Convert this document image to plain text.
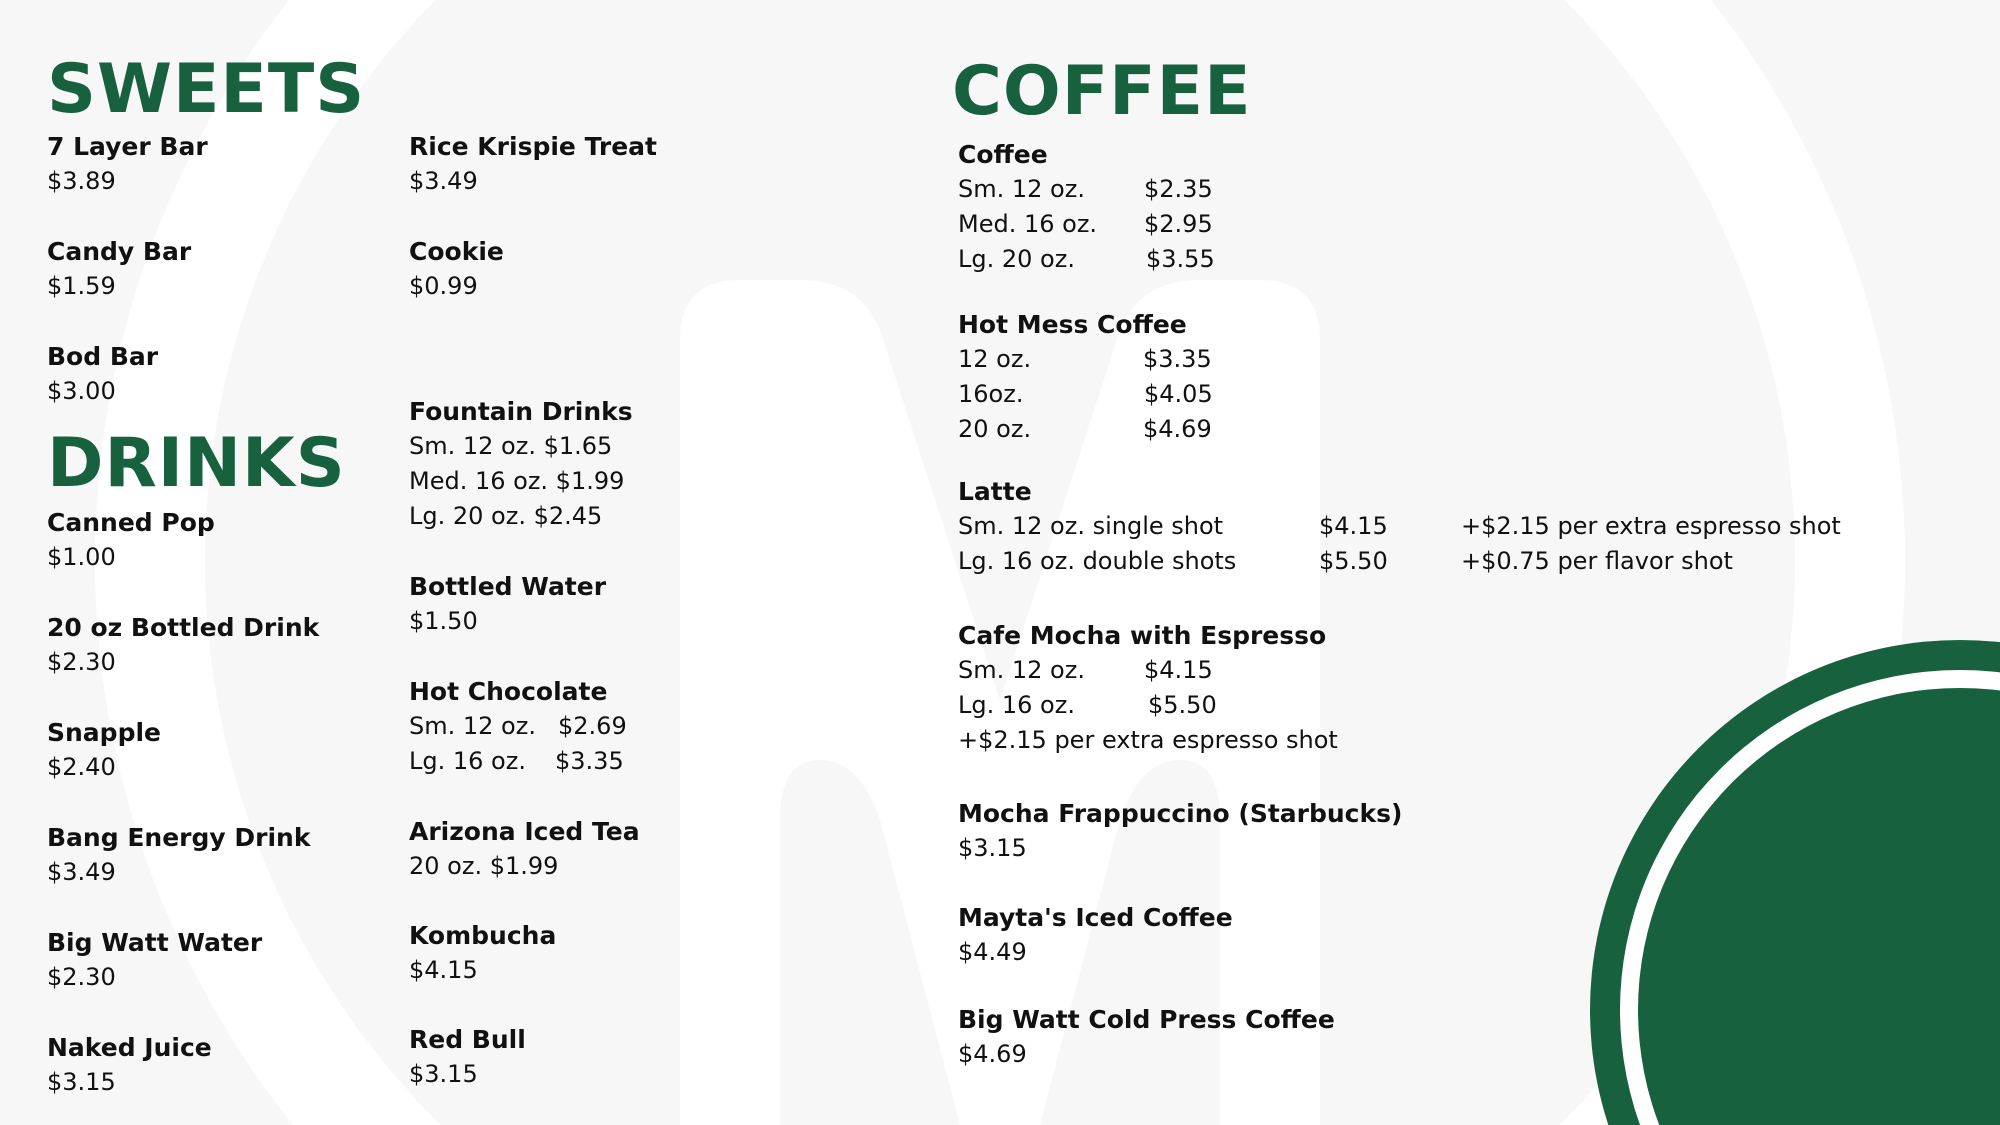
SWEETS
7 Layer Bar
$3.89
Candy Bar
$1.59
Bod Bar
$3.00
Rice Krispie Treat
$3.49
Cookie
$0.99
DRINKS
Canned Pop
$1.00
20 oz Bottled Drink
$2.30
Snapple
$2.40
Bang Energy Drink
$3.49
Big Watt Water
$2.30
Naked Juice
$3.15
Fountain Drinks
Sm. 12 oz. $1.65
Med. 16 oz. $1.99
Lg. 20 oz. $2.45
Bottled Water
$1.50
Hot Chocolate
Sm. 12 oz. $2.69
Lg. 16 oz. $3.35
Arizona Iced Tea
20 oz. $1.99
Kombucha
$4.15
Red Bull
$3.15
COFFEE
Coffee
Sm. 12 oz. $2.35
Med. 16 oz. $2.95
Lg. 20 oz.	$3.55
Hot Mess Coffee
12 oz.	$3.35
16oz.	$4.05
20 oz.	$4.69
Latte
Sm. 12 oz. single shot	$4.15	+$2.15 per extra espresso shot
Lg. 16 oz. double shots	$5.50	+$0.75 per flavor shot
Cafe Mocha with Espresso
Sm. 12 oz. $4.15
Lg. 16 oz.	$5.50
+$2.15 per extra espresso shot
Mocha Frappuccino (Starbucks)
$3.15
Mayta's Iced Coffee
$4.49
Big Watt Cold Press Coffee
$4.69
